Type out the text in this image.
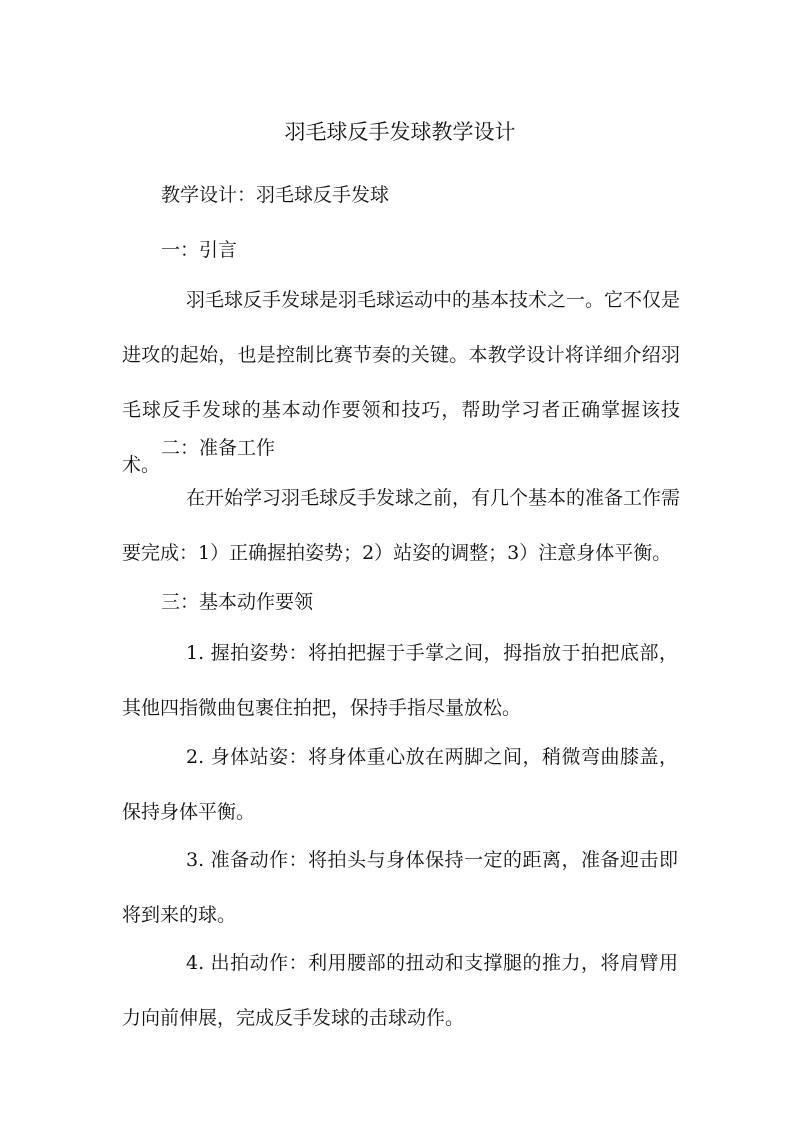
羽毛球反手发球教学设计

教学设计：羽毛球反手发球

一：引言

羽毛球反手发球是羽毛球运动中的基本技术之一。它不仅是进攻的起始，也是控制比赛节奏的关键。本教学设计将详细介绍羽毛球反手发球的基本动作要领和技巧，帮助学习者正确掌握该技术。

二：准备工作

在开始学习羽毛球反手发球之前，有几个基本的准备工作需要完成：1）正确握拍姿势；2）站姿的调整；3）注意身体平衡。

三：基本动作要领

1. 握拍姿势：将拍把握于手掌之间，拇指放于拍把底部，其他四指微曲包裹住拍把，保持手指尽量放松。

2. 身体站姿：将身体重心放在两脚之间，稍微弯曲膝盖，保持身体平衡。

3. 准备动作：将拍头与身体保持一定的距离，准备迎击即将到来的球。

4. 出拍动作：利用腰部的扭动和支撑腿的推力，将肩臂用力向前伸展，完成反手发球的击球动作。
